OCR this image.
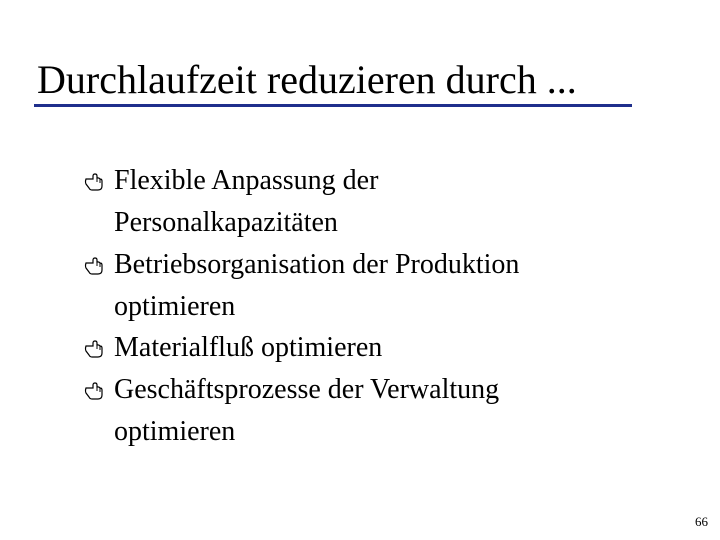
Durchlaufzeit reduzieren durch ...
Flexible Anpassung der
Personalkapazitäten
Betriebsorganisation der Produktion
optimieren
Materialfluß optimieren
Geschäftsprozesse der Verwaltung
optimieren
66
